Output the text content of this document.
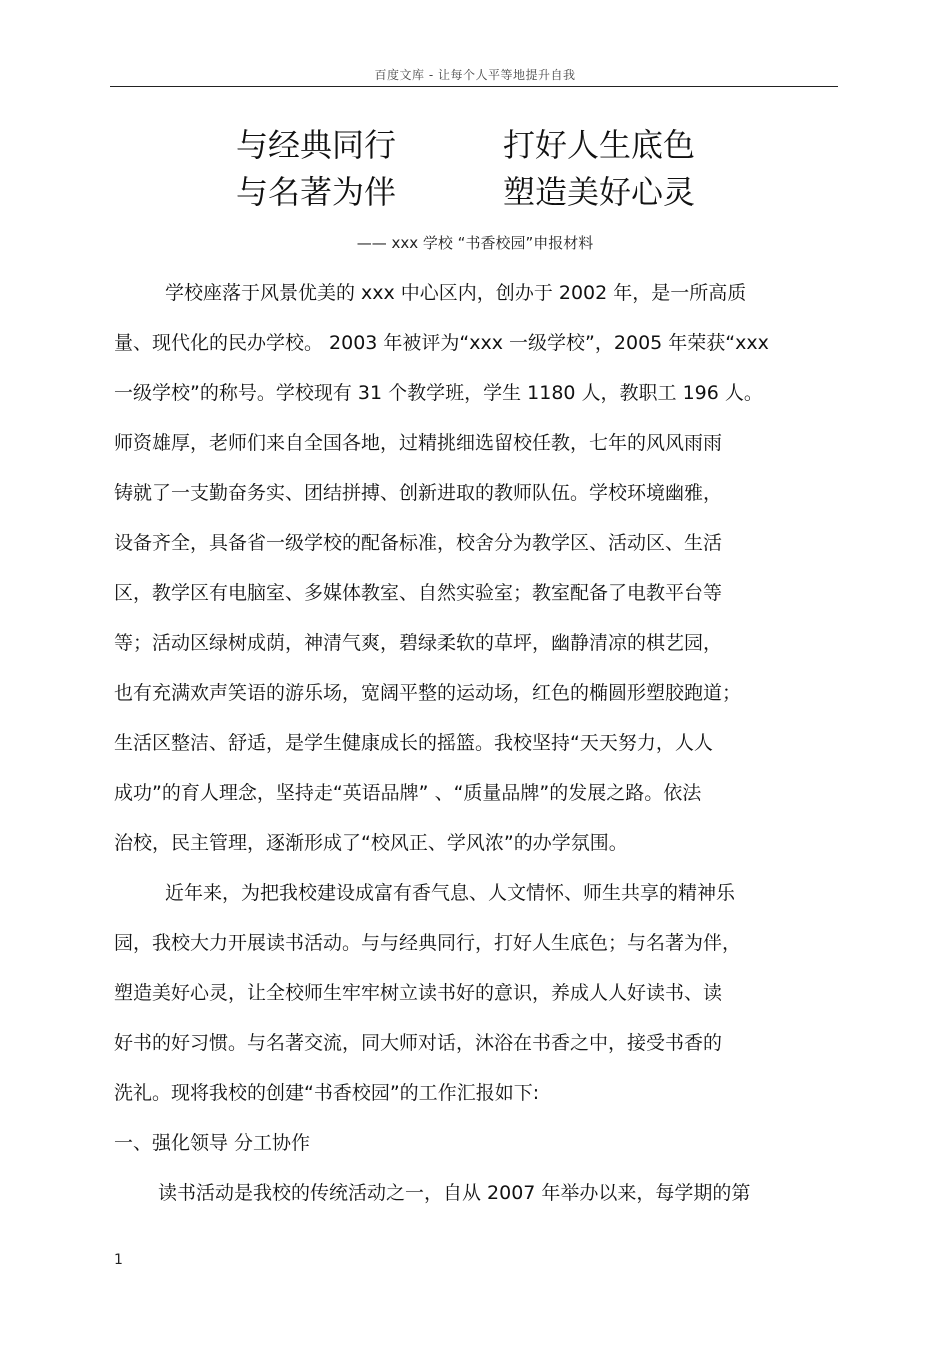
百度文库 - 让每个人平等地提升自我
与经典同行	打好人生底色
与名著为伴	塑造美好心灵
—— xxx 学校 “书香校园”申报材料
学校座落于风景优美的 xxx 中心区内，创办于 2002 年，是一所高质
量、现代化的民办学校。 2003 年被评为“xxx 一级学校”，2005 年荣获“xxx
一级学校”的称号。学校现有 31 个教学班，学生 1180 人，教职工 196 人。
师资雄厚，老师们来自全国各地，过精挑细选留校任教，七年的风风雨雨
铸就了一支勤奋务实、团结拼搏、创新进取的教师队伍。学校环境幽雅，
设备齐全，具备省一级学校的配备标准，校舍分为教学区、活动区、生活
区，教学区有电脑室、多媒体教室、自然实验室；教室配备了电教平台等
等；活动区绿树成荫，神清气爽，碧绿柔软的草坪，幽静清凉的棋艺园，
也有充满欢声笑语的游乐场，宽阔平整的运动场，红色的椭圆形塑胶跑道；
生活区整洁、舒适，是学生健康成长的摇篮。我校坚持“天天努力，人人
成功”的育人理念，坚持走“英语品牌” 、“质量品牌”的发展之路。依法
治校，民主管理，逐渐形成了“校风正、学风浓”的办学氛围。
近年来，为把我校建设成富有香气息、人文情怀、师生共享的精神乐
园，我校大力开展读书活动。与与经典同行，打好人生底色；与名著为伴，
塑造美好心灵，让全校师生牢牢树立读书好的意识，养成人人好读书、读
好书的好习惯。与名著交流，同大师对话，沐浴在书香之中，接受书香的
洗礼。现将我校的创建“书香校园”的工作汇报如下:
一、强化领导 分工协作
读书活动是我校的传统活动之一，自从 2007 年举办以来，每学期的第
1
